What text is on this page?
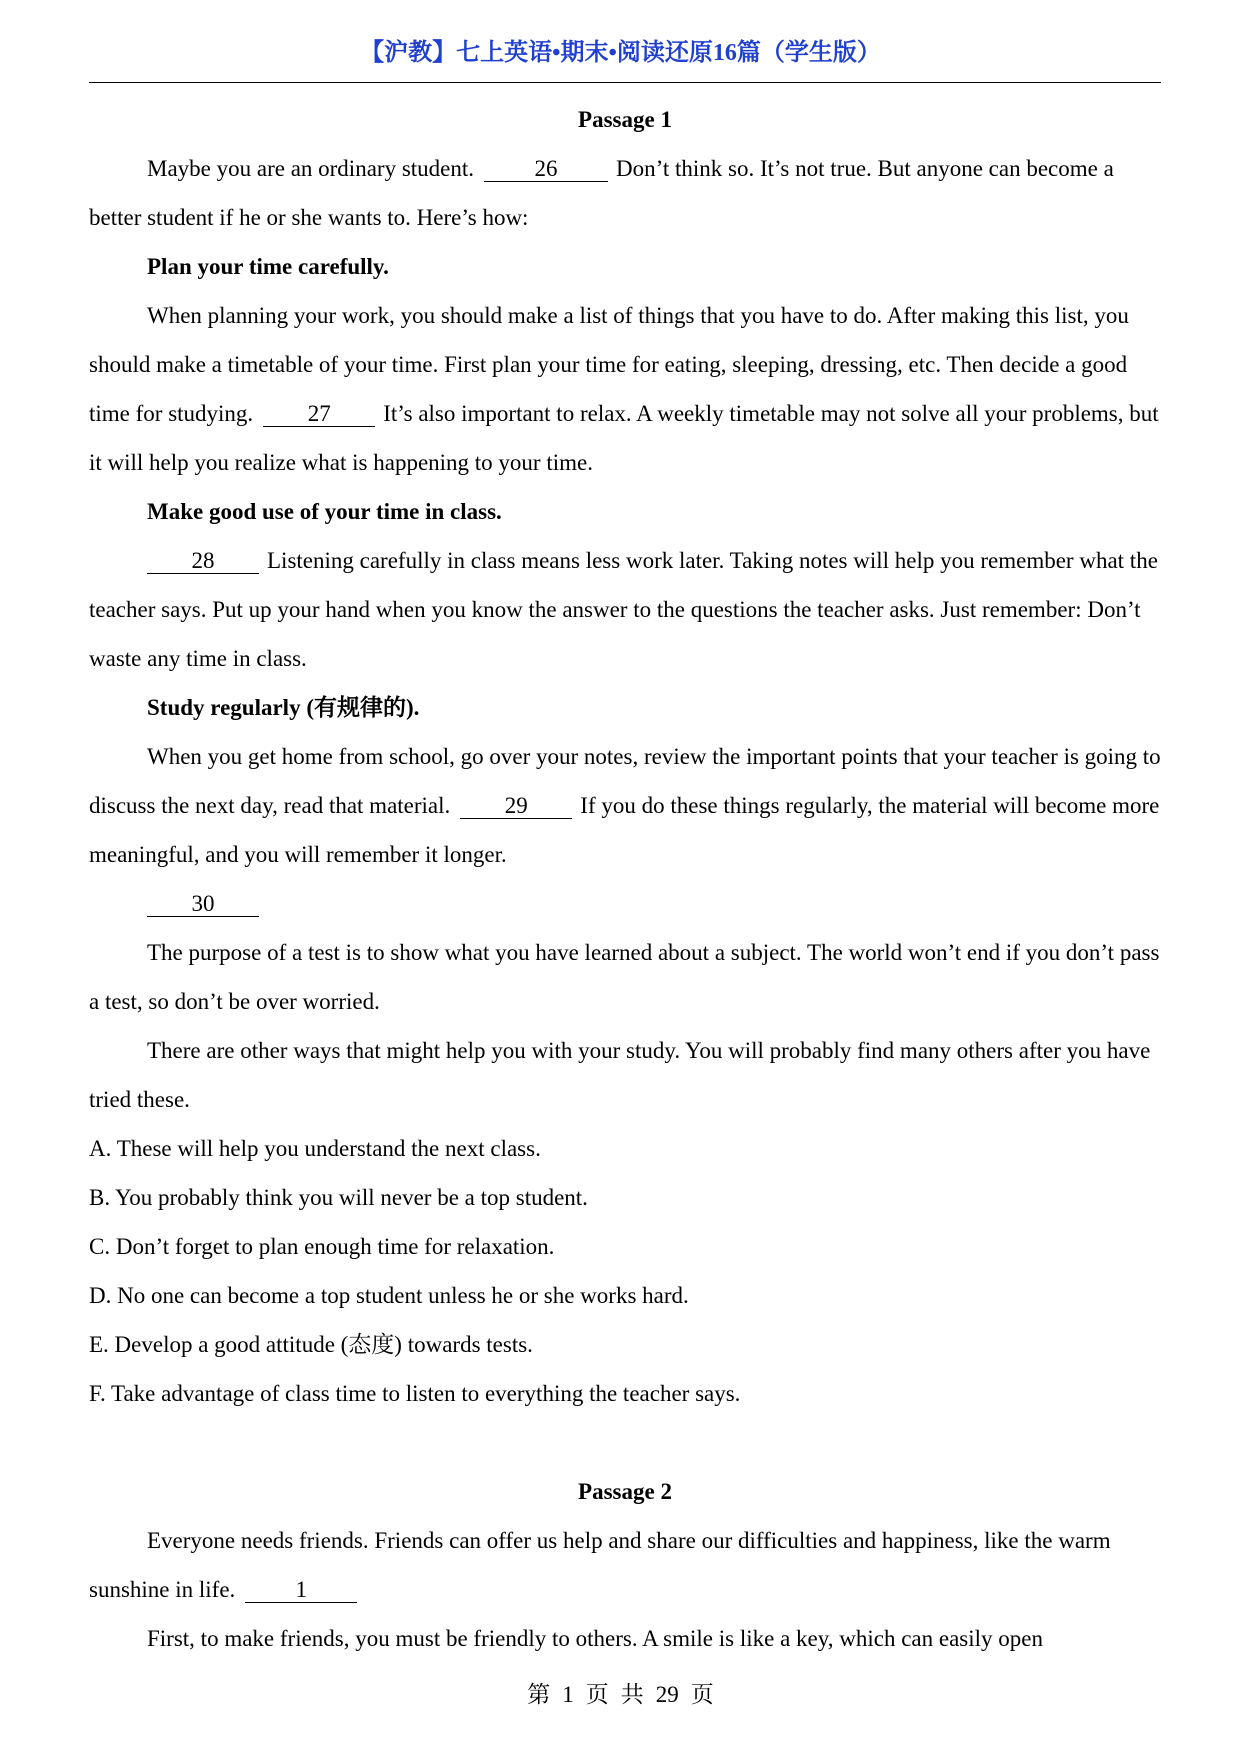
【沪教】七上英语•期末•阅读还原16篇（学生版）
Passage 1
Maybe you are an ordinary student.	26	Don’t think so. It’s not true. But anyone can become a better student if he or she wants to. Here’s how:
Plan your time carefully.
When planning your work, you should make a list of things that you have to do. After making this list, you should make a timetable of your time. First plan your time for eating, sleeping, dressing, etc. Then decide a good time for studying. 27 It’s also important to relax. A weekly timetable may not solve all your problems, but it will help you realize what is happening to your time.
Make good use of your time in class.
28 Listening carefully in class means less work later. Taking notes will help you remember what the teacher says. Put up your hand when you know the answer to the questions the teacher asks. Just remember: Don’t waste any time in class.
Study regularly (有规律的).
When you get home from school, go over your notes, review the important points that your teacher is going to discuss the next day, read that material. 29 If you do these things regularly, the material will become more meaningful, and you will remember it longer.
30
The purpose of a test is to show what you have learned about a subject. The world won’t end if you don’t pass a test, so don’t be over worried.
There are other ways that might help you with your study. You will probably find many others after you have tried these.
A. These will help you understand the next class.
B. You probably think you will never be a top student.
C. Don’t forget to plan enough time for relaxation.
D. No one can become a top student unless he or she works hard.
E. Develop a good attitude (态度) towards tests.
F. Take advantage of class time to listen to everything the teacher says.
Passage 2
Everyone needs friends. Friends can offer us help and share our difficulties and happiness, like the warm sunshine in life.	1
First, to make friends, you must be friendly to others. A smile is like a key, which can easily open
第 1 页 共 29 页
